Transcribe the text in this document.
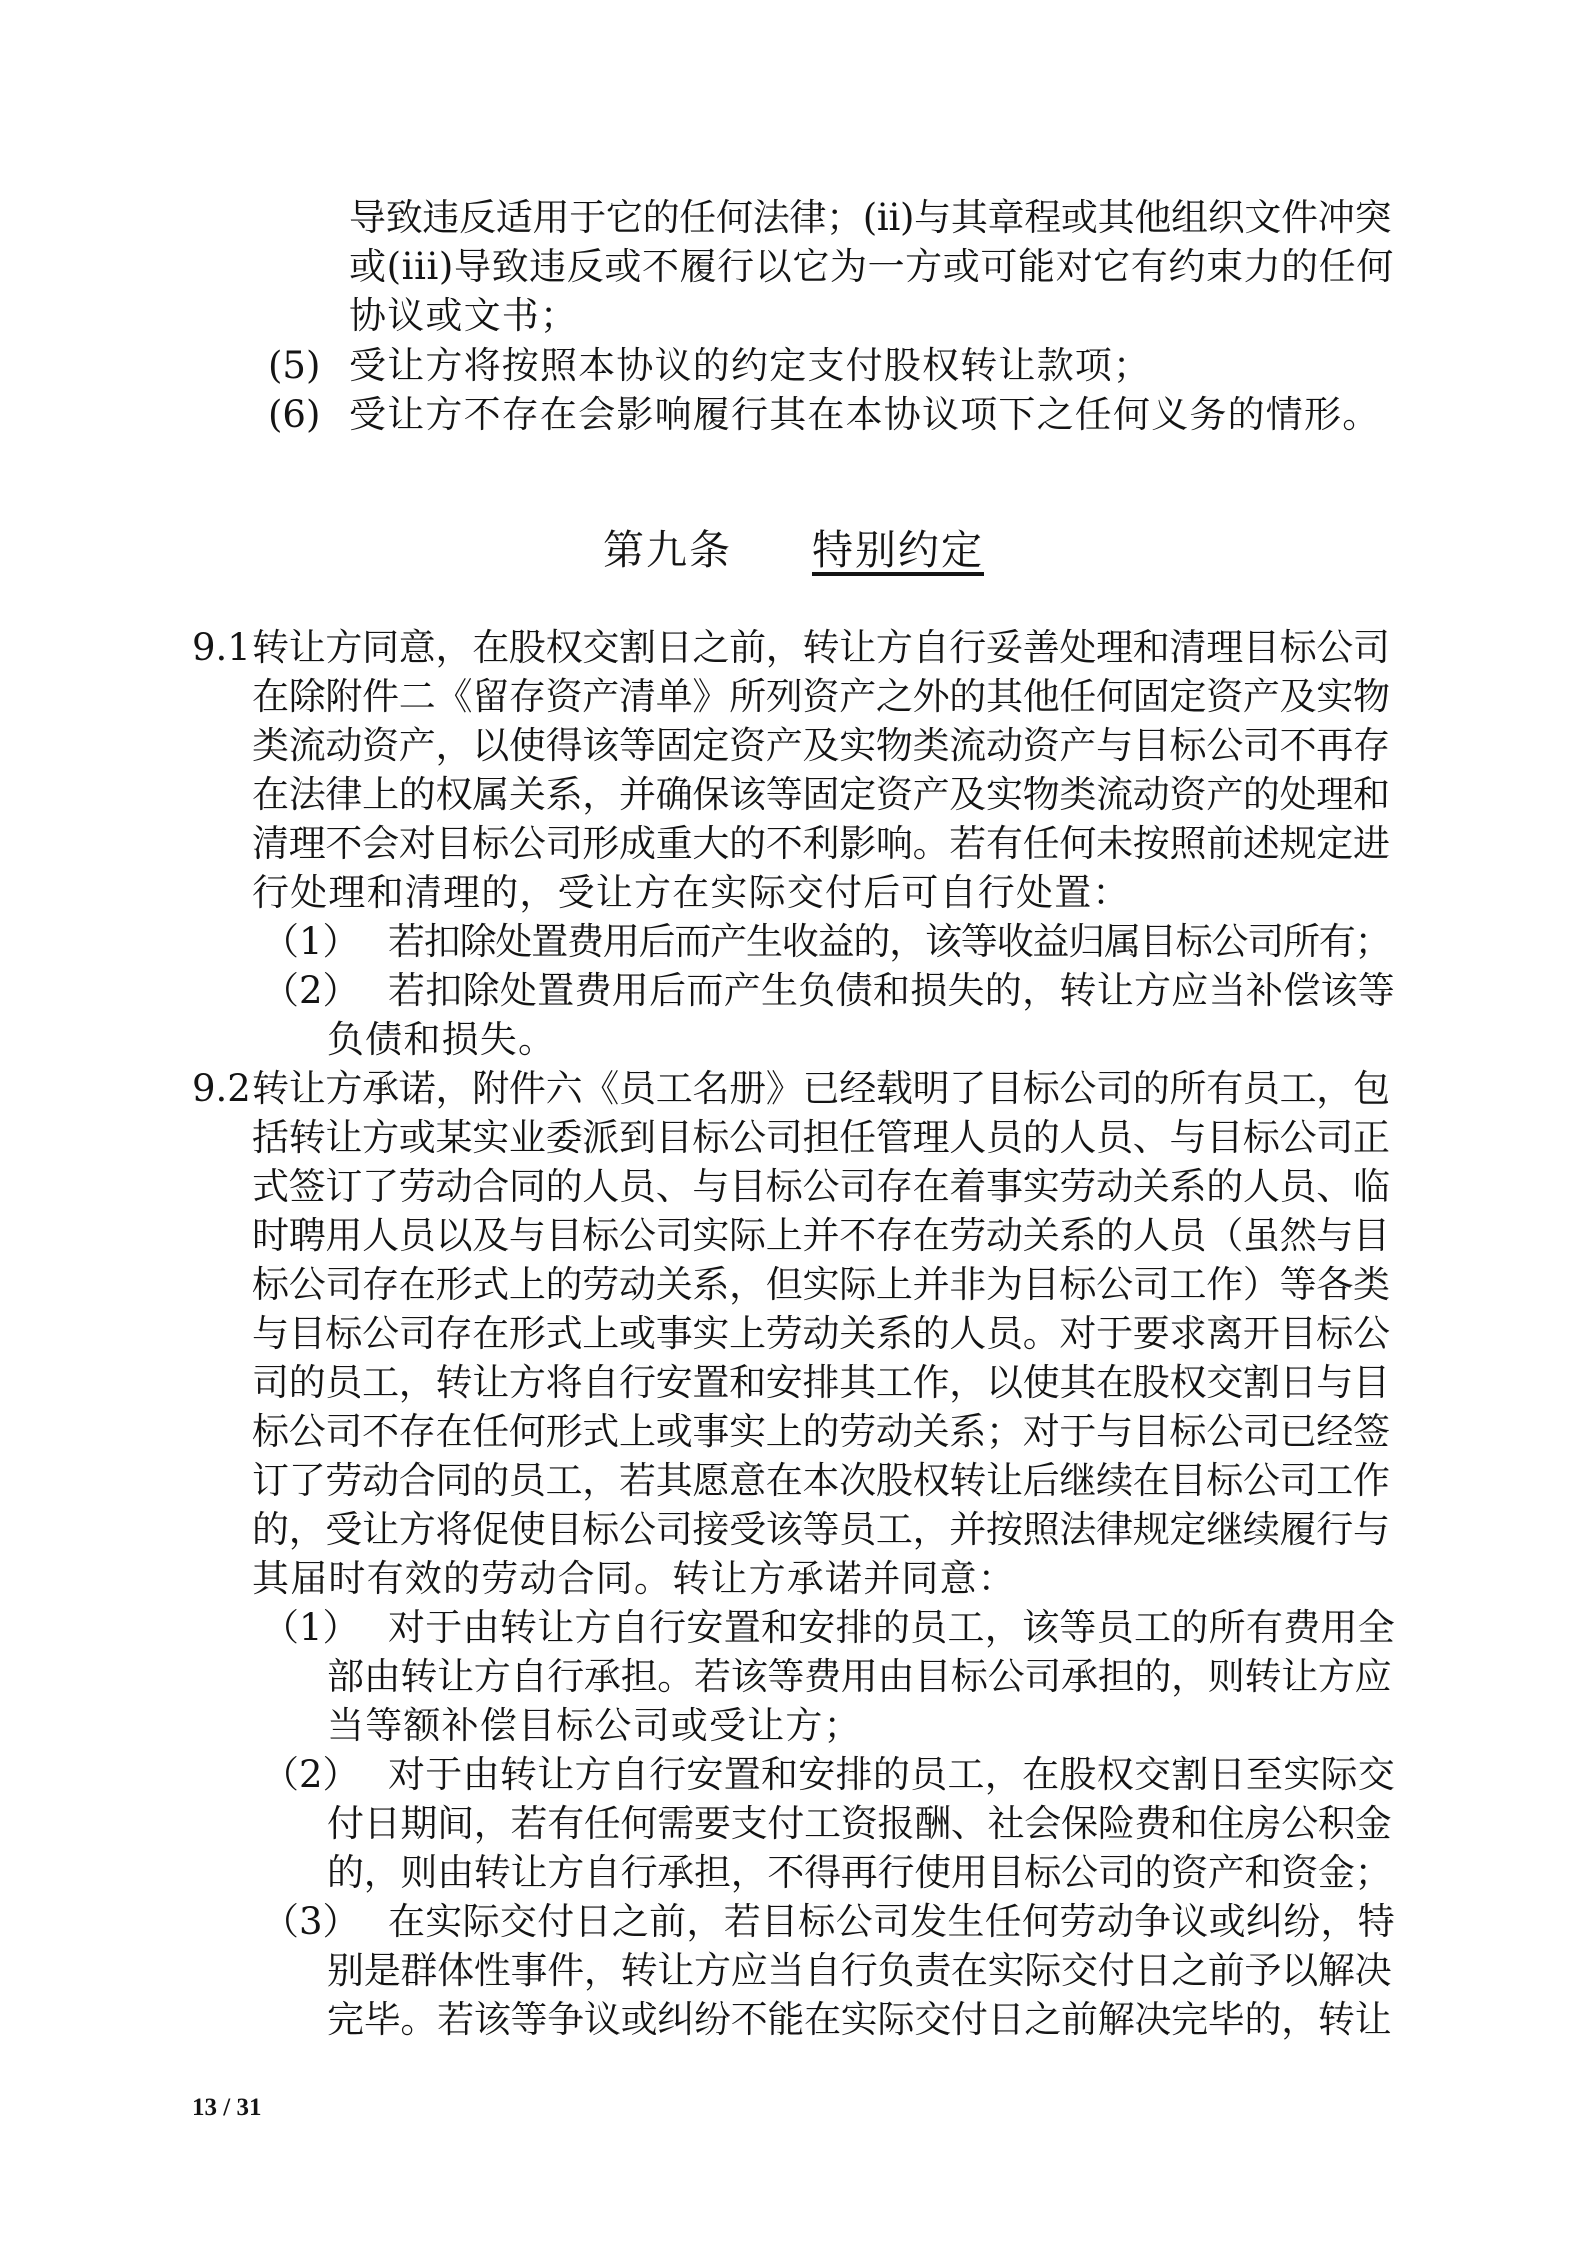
导致违反适用于它的任何法律；(ii)与其章程或其他组织文件冲突
或(iii)导致违反或不履行以它为一方或可能对它有约束力的任何
协议或文书；
(5) 受让方将按照本协议的约定支付股权转让款项；
(6) 受让方不存在会影响履行其在本协议项下之任何义务的情形。
第九条 特别约定
9.1 转让方同意，在股权交割日之前，转让方自行妥善处理和清理目标公司
在除附件二《留存资产清单》所列资产之外的其他任何固定资产及实物
类流动资产，以使得该等固定资产及实物类流动资产与目标公司不再存
在法律上的权属关系，并确保该等固定资产及实物类流动资产的处理和
清理不会对目标公司形成重大的不利影响。若有任何未按照前述规定进
行处理和清理的，受让方在实际交付后可自行处置：
（1） 若扣除处置费用后而产生收益的，该等收益归属目标公司所有；
（2） 若扣除处置费用后而产生负债和损失的，转让方应当补偿该等
负债和损失。
9.2 转让方承诺，附件六《员工名册》已经载明了目标公司的所有员工，包
括转让方或某实业委派到目标公司担任管理人员的人员、与目标公司正
式签订了劳动合同的人员、与目标公司存在着事实劳动关系的人员、临
时聘用人员以及与目标公司实际上并不存在劳动关系的人员（虽然与目
标公司存在形式上的劳动关系，但实际上并非为目标公司工作）等各类
与目标公司存在形式上或事实上劳动关系的人员。对于要求离开目标公
司的员工，转让方将自行安置和安排其工作，以使其在股权交割日与目
标公司不存在任何形式上或事实上的劳动关系；对于与目标公司已经签
订了劳动合同的员工，若其愿意在本次股权转让后继续在目标公司工作
的，受让方将促使目标公司接受该等员工，并按照法律规定继续履行与
其届时有效的劳动合同。转让方承诺并同意：
（1） 对于由转让方自行安置和安排的员工，该等员工的所有费用全
部由转让方自行承担。若该等费用由目标公司承担的，则转让方应
当等额补偿目标公司或受让方；
（2） 对于由转让方自行安置和安排的员工，在股权交割日至实际交
付日期间，若有任何需要支付工资报酬、社会保险费和住房公积金
的，则由转让方自行承担，不得再行使用目标公司的资产和资金；
（3） 在实际交付日之前，若目标公司发生任何劳动争议或纠纷，特
别是群体性事件，转让方应当自行负责在实际交付日之前予以解决
完毕。若该等争议或纠纷不能在实际交付日之前解决完毕的，转让
13 / 31
